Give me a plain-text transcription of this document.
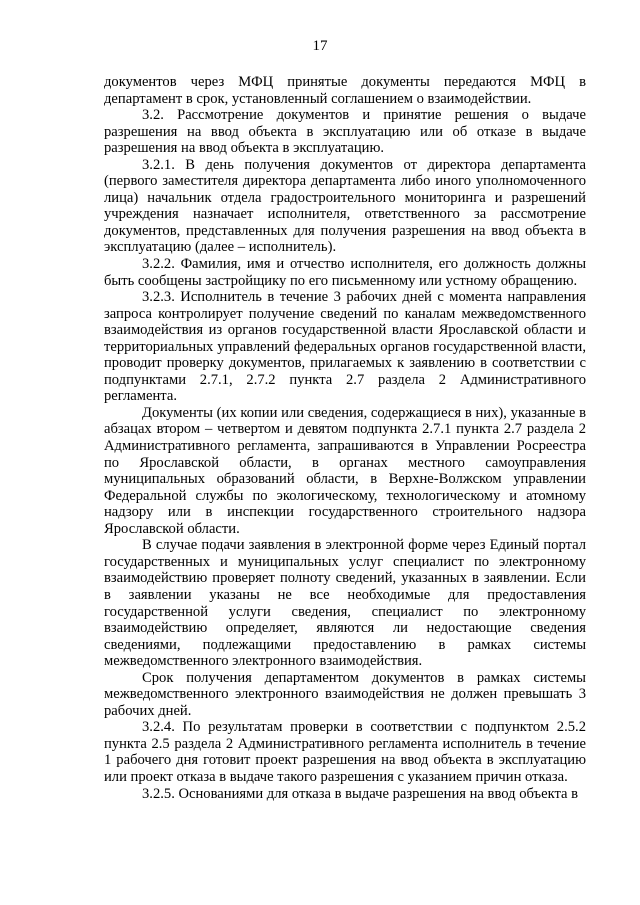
17

документов через МФЦ принятые документы передаются МФЦ в департамент в срок, установленный соглашением о взаимодействии.

3.2. Рассмотрение документов и принятие решения о выдаче разрешения на ввод объекта в эксплуатацию или об отказе в выдаче разрешения на ввод объекта в эксплуатацию.

3.2.1. В день получения документов от директора департамента (первого заместителя директора департамента либо иного уполномоченного лица) начальник отдела градостроительного мониторинга и разрешений учреждения назначает исполнителя, ответственного за рассмотрение документов, представленных для получения разрешения на ввод объекта в эксплуатацию (далее – исполнитель).

3.2.2. Фамилия, имя и отчество исполнителя, его должность должны быть сообщены застройщику по его письменному или устному обращению.

3.2.3. Исполнитель в течение 3 рабочих дней с момента направления запроса контролирует получение сведений по каналам межведомственного взаимодействия из органов государственной власти Ярославской области и территориальных управлений федеральных органов государственной власти, проводит проверку документов, прилагаемых к заявлению в соответствии с подпунктами 2.7.1, 2.7.2 пункта 2.7 раздела 2 Административного регламента.

Документы (их копии или сведения, содержащиеся в них), указанные в абзацах втором – четвертом и девятом подпункта 2.7.1 пункта 2.7 раздела 2 Административного регламента, запрашиваются в Управлении Росреестра по Ярославской области, в органах местного самоуправления муниципальных образований области, в Верхне-Волжском управлении Федеральной службы по экологическому, технологическому и атомному надзору или в инспекции государственного строительного надзора Ярославской области.

В случае подачи заявления в электронной форме через Единый портал государственных и муниципальных услуг специалист по электронному взаимодействию проверяет полноту сведений, указанных в заявлении. Если в заявлении указаны не все необходимые для предоставления государственной услуги сведения, специалист по электронному взаимодействию определяет, являются ли недостающие сведения сведениями, подлежащими предоставлению в рамках системы межведомственного электронного взаимодействия.

Срок получения департаментом документов в рамках системы межведомственного электронного взаимодействия не должен превышать 3 рабочих дней.

3.2.4. По результатам проверки в соответствии с подпунктом 2.5.2 пункта 2.5 раздела 2 Административного регламента исполнитель в течение 1 рабочего дня готовит проект разрешения на ввод объекта в эксплуатацию или проект отказа в выдаче такого разрешения с указанием причин отказа.

3.2.5. Основаниями для отказа в выдаче разрешения на ввод объекта в
